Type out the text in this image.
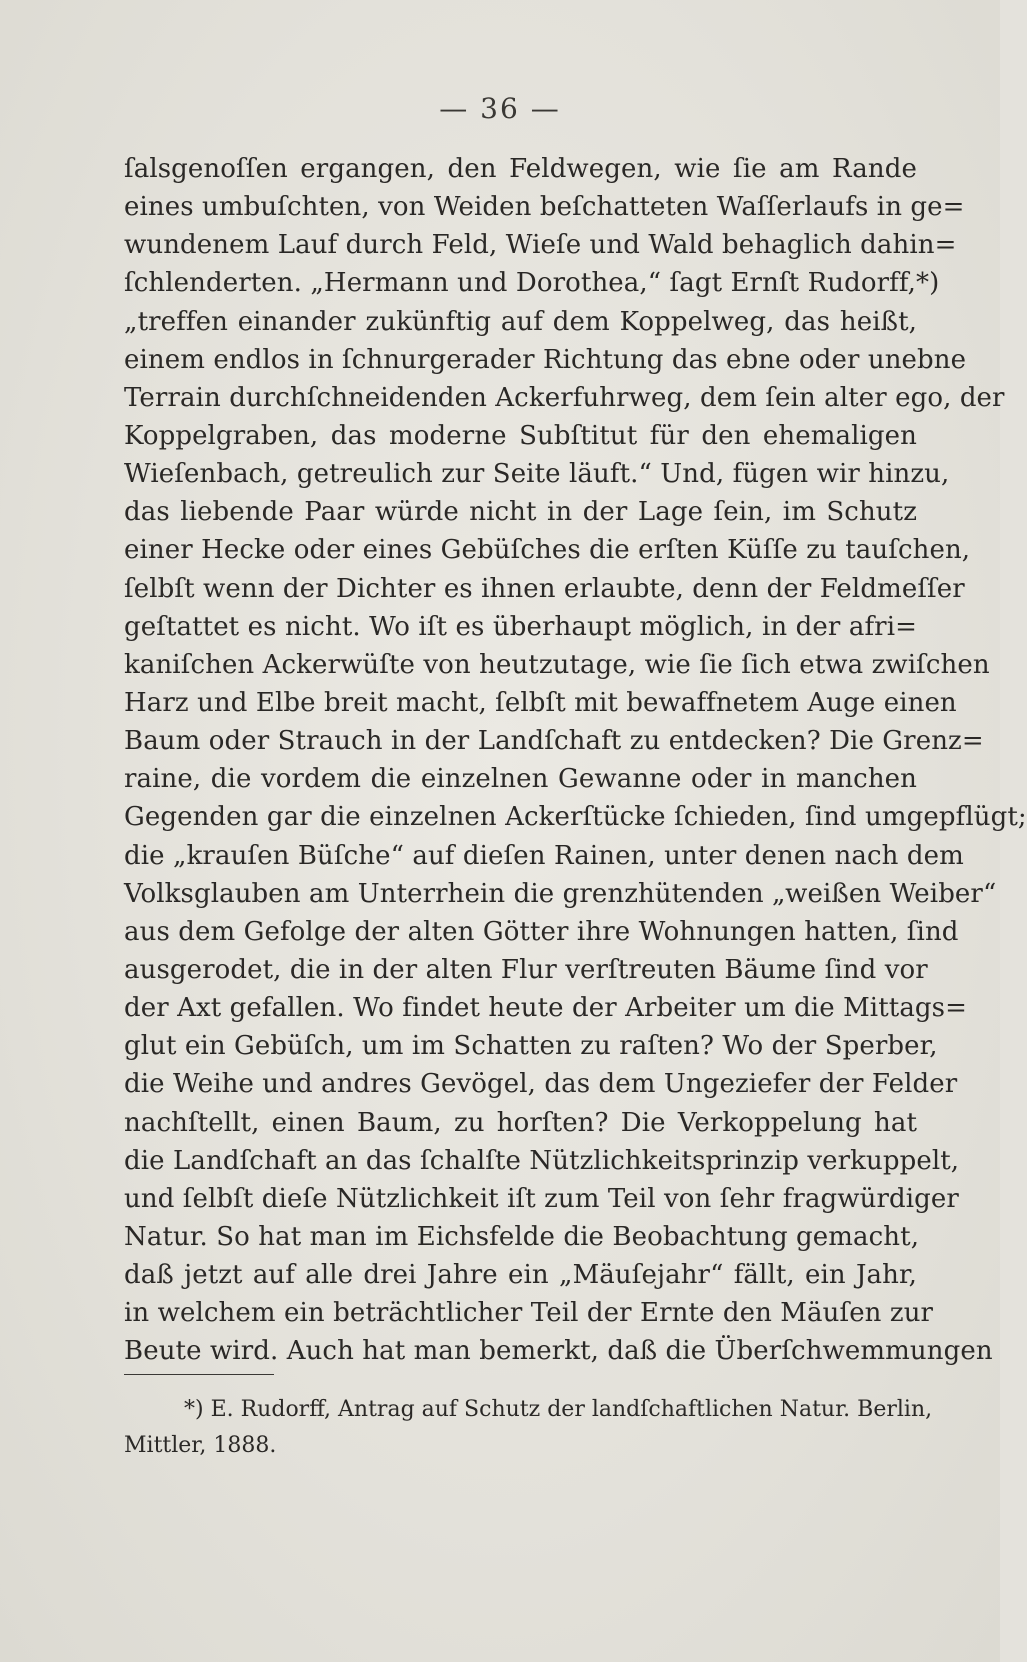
— 36 —
ſalsgenoſſen ergangen, den Feldwegen, wie ſie am Rande
eines umbuſchten, von Weiden beſchatteten Waſſerlaufs in ge=
wundenem Lauf durch Feld, Wieſe und Wald behaglich dahin=
ſchlenderten. „Hermann und Dorothea,“ ſagt Ernſt Rudorff,*)
„treffen einander zukünftig auf dem Koppelweg, das heißt,
einem endlos in ſchnurgerader Richtung das ebne oder unebne
Terrain durchſchneidenden Ackerfuhrweg, dem ſein alter ego, der
Koppelgraben, das moderne Subſtitut für den ehemaligen
Wieſenbach, getreulich zur Seite läuft.“ Und, fügen wir hinzu,
das liebende Paar würde nicht in der Lage ſein, im Schutz
einer Hecke oder eines Gebüſches die erſten Küſſe zu tauſchen,
ſelbſt wenn der Dichter es ihnen erlaubte, denn der Feldmeſſer
geſtattet es nicht. Wo iſt es überhaupt möglich, in der afri=
kaniſchen Ackerwüſte von heutzutage, wie ſie ſich etwa zwiſchen
Harz und Elbe breit macht, ſelbſt mit bewaffnetem Auge einen
Baum oder Strauch in der Landſchaft zu entdecken? Die Grenz=
raine, die vordem die einzelnen Gewanne oder in manchen
Gegenden gar die einzelnen Ackerſtücke ſchieden, ſind umgepflügt;
die „krauſen Büſche“ auf dieſen Rainen, unter denen nach dem
Volksglauben am Unterrhein die grenzhütenden „weißen Weiber“
aus dem Gefolge der alten Götter ihre Wohnungen hatten, ſind
ausgerodet, die in der alten Flur verſtreuten Bäume ſind vor
der Axt gefallen. Wo findet heute der Arbeiter um die Mittags=
glut ein Gebüſch, um im Schatten zu raſten? Wo der Sperber,
die Weihe und andres Gevögel, das dem Ungeziefer der Felder
nachſtellt, einen Baum, zu horſten? Die Verkoppelung hat
die Landſchaft an das ſchalſte Nützlichkeitsprinzip verkuppelt,
und ſelbſt dieſe Nützlichkeit iſt zum Teil von ſehr fragwürdiger
Natur. So hat man im Eichsfelde die Beobachtung gemacht,
daß jetzt auf alle drei Jahre ein „Mäuſejahr“ fällt, ein Jahr,
in welchem ein beträchtlicher Teil der Ernte den Mäuſen zur
Beute wird. Auch hat man bemerkt, daß die Überſchwemmungen
*) E. Rudorff, Antrag auf Schutz der landſchaftlichen Natur. Berlin,
Mittler, 1888.
